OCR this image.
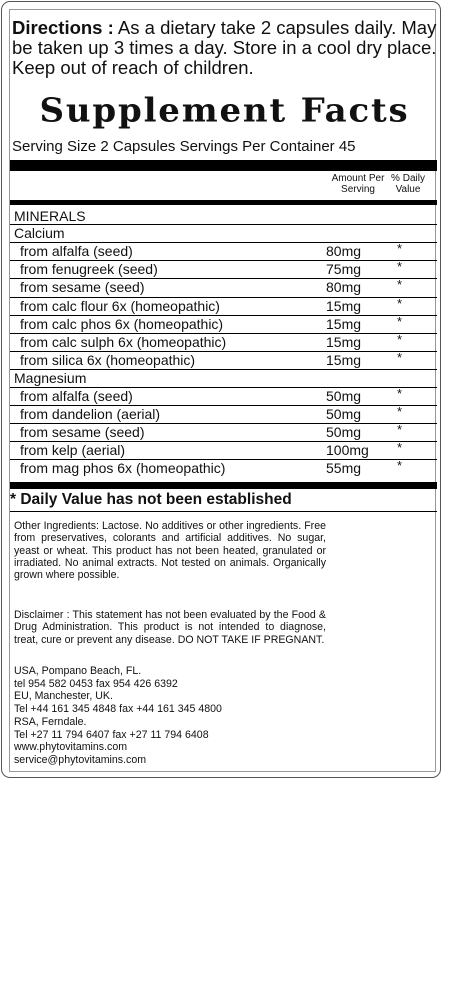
Directions : As a dietary take 2 capsules daily. May be taken up 3 times a day. Store in a cool dry place. Keep out of reach of children.
Supplement Facts
Serving Size 2 Capsules Servings Per Container 45
Amount Per
Serving
% Daily
Value
MINERALS
Calcium
from alfalfa (seed)	80mg	*
from fenugreek (seed)	75mg	*
from sesame (seed)	80mg	*
from calc flour 6x (homeopathic)	15mg	*
from calc phos 6x (homeopathic)	15mg	*
from calc sulph 6x (homeopathic)	15mg	*
from silica 6x (homeopathic)	15mg	*
Magnesium
from alfalfa (seed)	50mg	*
from dandelion (aerial)	50mg	*
from sesame (seed)	50mg	*
from kelp (aerial)	100mg *
from mag phos 6x (homeopathic)	55mg	*
* Daily Value has not been established
Other Ingredients: Lactose. No additives or other ingredients. Free from preservatives, colorants and artificial additives. No sugar, yeast or wheat. This product has not been heated, granulated or irradiated. No animal extracts. Not tested on animals. Organically grown where possible.
Disclaimer : This statement has not been evaluated by the Food & Drug Administration. This product is not intended to diagnose, treat, cure or prevent any disease. DO NOT TAKE IF PREGNANT.
USA, Pompano Beach, FL.
tel 954 582 0453 fax 954 426 6392
EU, Manchester, UK.
Tel +44 161 345 4848 fax +44 161 345 4800
RSA, Ferndale.
Tel +27 11 794 6407 fax +27 11 794 6408
www.phytovitamins.com
service@phytovitamins.com
